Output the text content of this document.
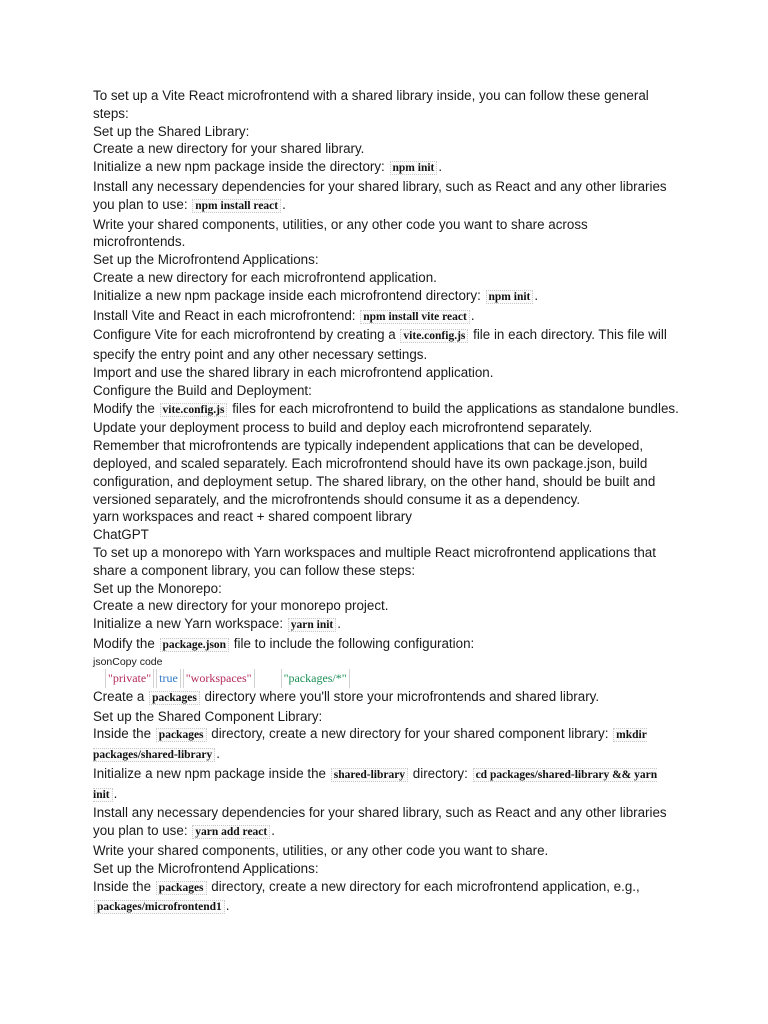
To set up a Vite React microfrontend with a shared library inside, you can follow these general steps:
Set up the Shared Library:
Create a new directory for your shared library.
Initialize a new npm package inside the directory: npm init .
Install any necessary dependencies for your shared library, such as React and any other libraries you plan to use: npm install react .
Write your shared components, utilities, or any other code you want to share across microfrontends.
Set up the Microfrontend Applications:
Create a new directory for each microfrontend application.
Initialize a new npm package inside each microfrontend directory: npm init .
Install Vite and React in each microfrontend: npm install vite react .
Configure Vite for each microfrontend by creating a vite.config.js file in each directory. This file will specify the entry point and any other necessary settings.
Import and use the shared library in each microfrontend application.
Configure the Build and Deployment:
Modify the vite.config.js files for each microfrontend to build the applications as standalone bundles.
Update your deployment process to build and deploy each microfrontend separately.
Remember that microfrontends are typically independent applications that can be developed, deployed, and scaled separately. Each microfrontend should have its own package.json, build configuration, and deployment setup. The shared library, on the other hand, should be built and versioned separately, and the microfrontends should consume it as a dependency.
yarn workspaces and react + shared compoent library
ChatGPT
To set up a monorepo with Yarn workspaces and multiple React microfrontend applications that share a component library, you can follow these steps:
Set up the Monorepo:
Create a new directory for your monorepo project.
Initialize a new Yarn workspace: yarn init .
Modify the package.json file to include the following configuration:
jsonCopy code
"private" true "workspaces"	"packages/*"
Create a packages directory where you'll store your microfrontends and shared library.
Set up the Shared Component Library:
Inside the packages directory, create a new directory for your shared component library: mkdir packages/shared-library .
Initialize a new npm package inside the shared-library directory: cd packages/shared-library && yarn init .
Install any necessary dependencies for your shared library, such as React and any other libraries you plan to use: yarn add react .
Write your shared components, utilities, or any other code you want to share.
Set up the Microfrontend Applications:
Inside the packages directory, create a new directory for each microfrontend application, e.g., packages/microfrontend1 .
